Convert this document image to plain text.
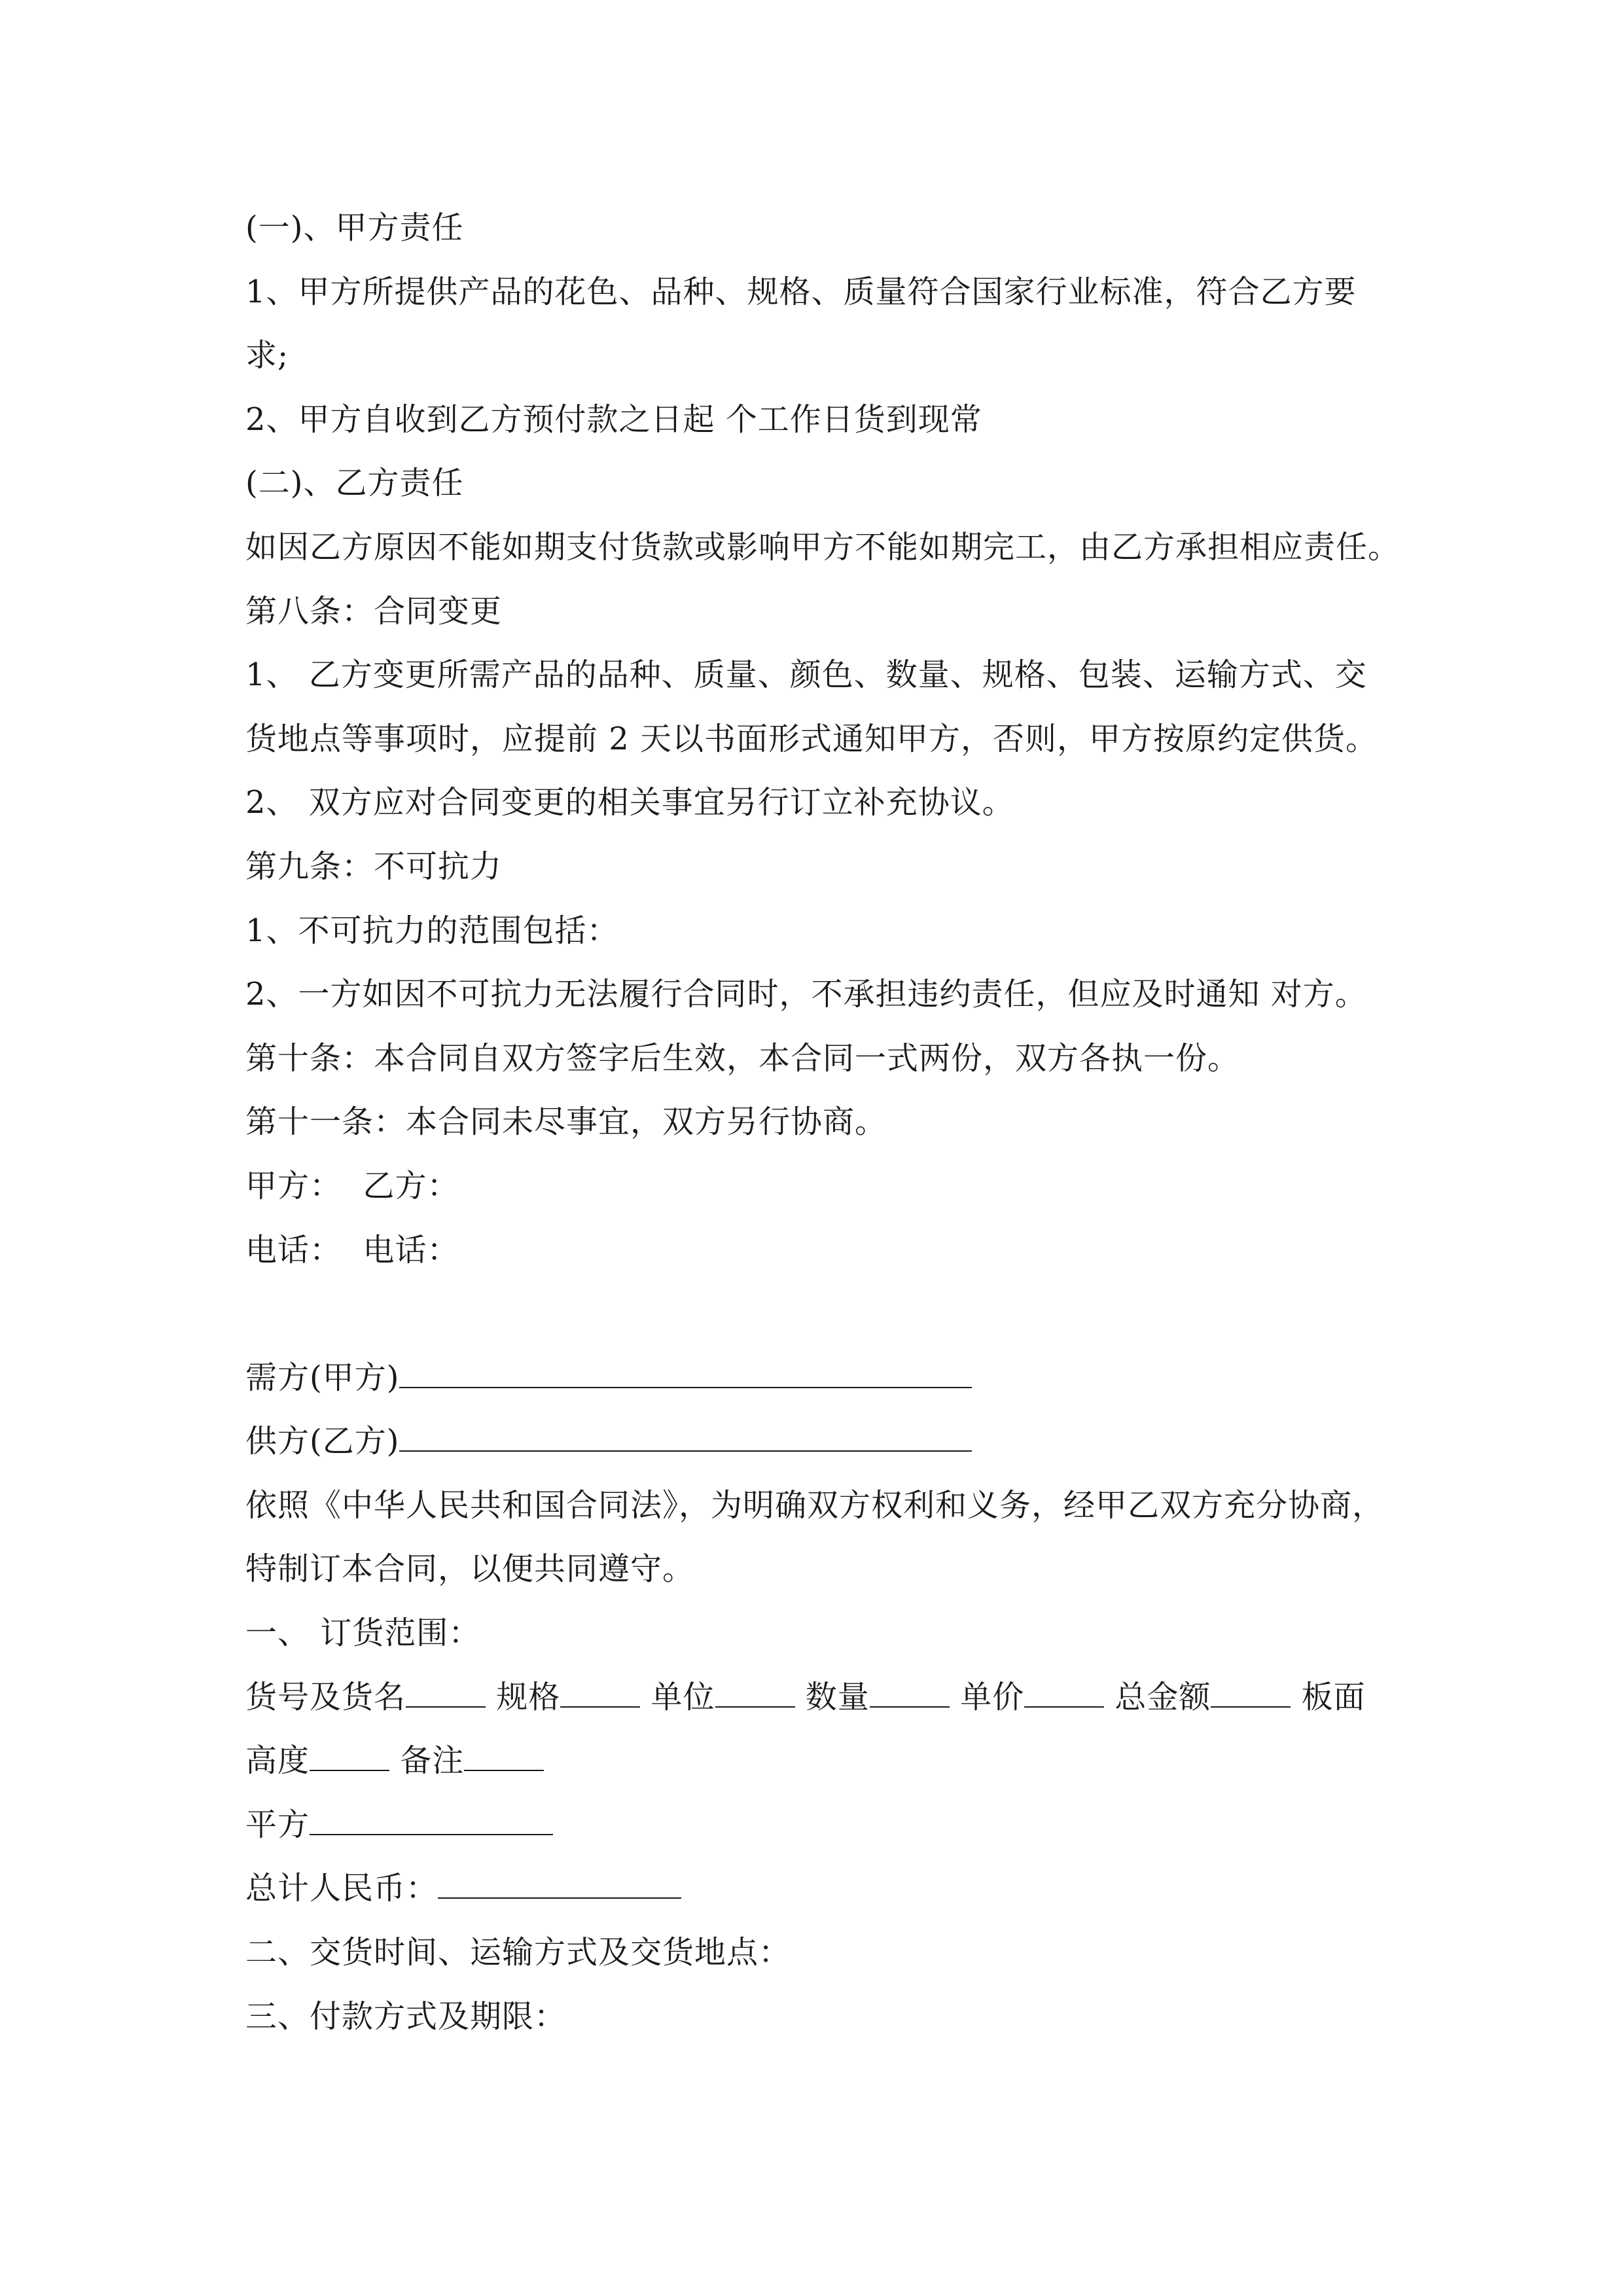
(一)、甲方责任
1、甲方所提供产品的花色、品种、规格、质量符合国家行业标准，符合乙方要
求;
2、甲方自收到乙方预付款之日起 个工作日货到现常
(二)、乙方责任
如因乙方原因不能如期支付货款或影响甲方不能如期完工，由乙方承担相应责任。
第八条：合同变更
1、 乙方变更所需产品的品种、质量、颜色、数量、规格、包装、运输方式、交
货地点等事项时，应提前 2 天以书面形式通知甲方，否则，甲方按原约定供货。
2、 双方应对合同变更的相关事宜另行订立补充协议。
第九条：不可抗力
1、不可抗力的范围包括：
2、一方如因不可抗力无法履行合同时，不承担违约责任，但应及时通知 对方。
第十条：本合同自双方签字后生效，本合同一式两份，双方各执一份。
第十一条：本合同未尽事宜，双方另行协商。
甲方：  乙方：
电话：  电话：
需方(甲方)
供方(乙方)
依照《中华人民共和国合同法》，为明确双方权利和义务，经甲乙双方充分协商，
特制订本合同，以便共同遵守。
一、 订货范围：
货号及货名	规格	单位	数量	单价	总金额	板面
高度	备注
平方
总计人民币：
二、交货时间、运输方式及交货地点：
三、付款方式及期限：
